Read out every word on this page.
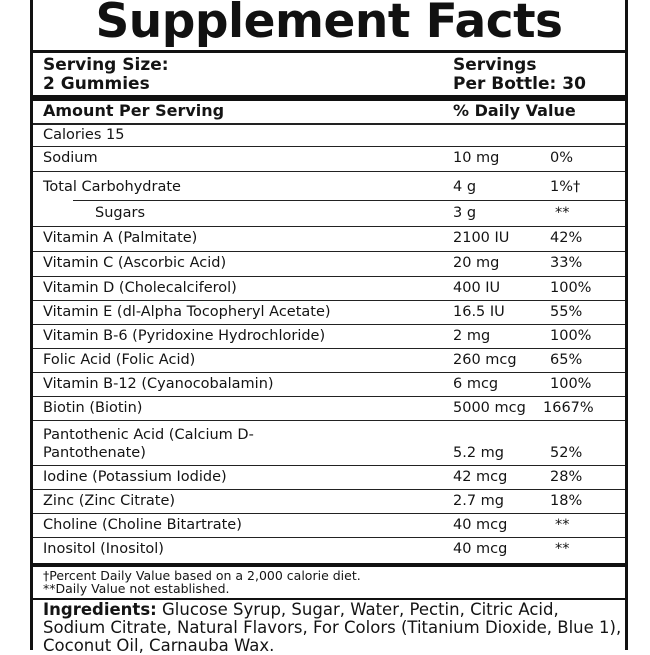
Supplement Facts
Serving Size:
2 Gummies
Servings
Per Bottle: 30
Amount Per Serving	% Daily Value
Calories 15
Sodium	10 mg	0%
Total Carbohydrate	4 g	1%†
Sugars	3 g	**
Vitamin A (Palmitate)	2100 IU	42%
Vitamin C (Ascorbic Acid)	20 mg	33%
Vitamin D (Cholecalciferol)	400 IU	100%
Vitamin E (dl-Alpha Tocopheryl Acetate)	16.5 IU	55%
Vitamin B-6 (Pyridoxine Hydrochloride)	2 mg	100%
Folic Acid (Folic Acid)	260 mcg 65%
Vitamin B-12 (Cyanocobalamin)	6 mcg	100%
Biotin (Biotin)	5000 mcg 1667%
Pantothenic Acid (Calcium D-
Pantothenate)	5.2 mg	52%
Iodine (Potassium Iodide)	42 mcg	28%
Zinc (Zinc Citrate)	2.7 mg	18%
Choline (Choline Bitartrate)	40 mcg	**
Inositol (Inositol)	40 mcg	**
†Percent Daily Value based on a 2,000 calorie diet.
**Daily Value not established.
Ingredients: Glucose Syrup, Sugar, Water, Pectin, Citric Acid, Sodium Citrate, Natural Flavors, For Colors (Titanium Dioxide, Blue 1), Coconut Oil, Carnauba Wax.
